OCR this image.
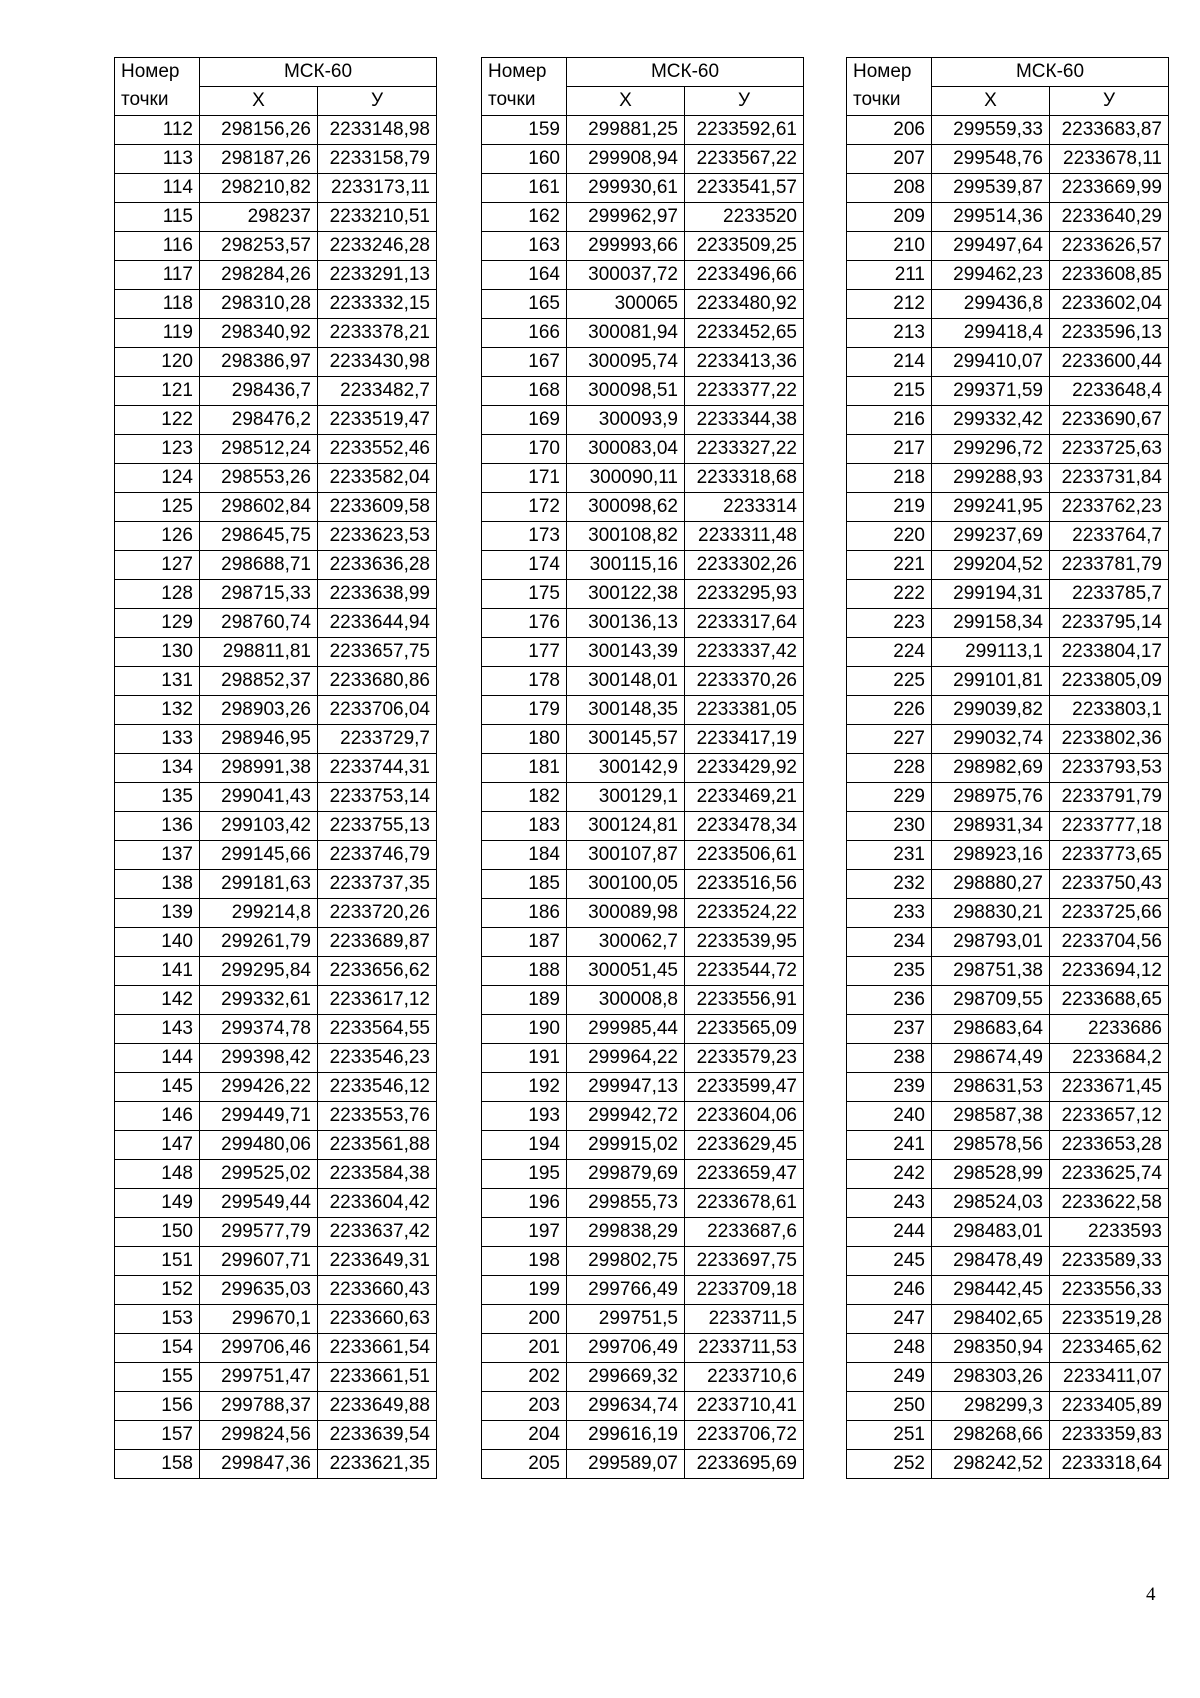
Номер точки	МСК-60	
	Х	У
112	298156,26	2233148,98
113	298187,26	2233158,79
114	298210,82	2233173,11
115	298237	2233210,51
116	298253,57	2233246,28
117	298284,26	2233291,13
118	298310,28	2233332,15
119	298340,92	2233378,21
120	298386,97	2233430,98
121	298436,7	2233482,7
122	298476,2	2233519,47
123	298512,24	2233552,46
124	298553,26	2233582,04
125	298602,84	2233609,58
126	298645,75	2233623,53
127	298688,71	2233636,28
128	298715,33	2233638,99
129	298760,74	2233644,94
130	298811,81	2233657,75
131	298852,37	2233680,86
132	298903,26	2233706,04
133	298946,95	2233729,7
134	298991,38	2233744,31
135	299041,43	2233753,14
136	299103,42	2233755,13
137	299145,66	2233746,79
138	299181,63	2233737,35
139	299214,8	2233720,26
140	299261,79	2233689,87
141	299295,84	2233656,62
142	299332,61	2233617,12
143	299374,78	2233564,55
144	299398,42	2233546,23
145	299426,22	2233546,12
146	299449,71	2233553,76
147	299480,06	2233561,88
148	299525,02	2233584,38
149	299549,44	2233604,42
150	299577,79	2233637,42
151	299607,71	2233649,31
152	299635,03	2233660,43
153	299670,1	2233660,63
154	299706,46	2233661,54
155	299751,47	2233661,51
156	299788,37	2233649,88
157	299824,56	2233639,54
158	299847,36	2233621,35
Номер точки	МСК-60	
	Х	У
159	299881,25	2233592,61
160	299908,94	2233567,22
161	299930,61	2233541,57
162	299962,97	2233520
163	299993,66	2233509,25
164	300037,72	2233496,66
165	300065	2233480,92
166	300081,94	2233452,65
167	300095,74	2233413,36
168	300098,51	2233377,22
169	300093,9	2233344,38
170	300083,04	2233327,22
171	300090,11	2233318,68
172	300098,62	2233314
173	300108,82	2233311,48
174	300115,16	2233302,26
175	300122,38	2233295,93
176	300136,13	2233317,64
177	300143,39	2233337,42
178	300148,01	2233370,26
179	300148,35	2233381,05
180	300145,57	2233417,19
181	300142,9	2233429,92
182	300129,1	2233469,21
183	300124,81	2233478,34
184	300107,87	2233506,61
185	300100,05	2233516,56
186	300089,98	2233524,22
187	300062,7	2233539,95
188	300051,45	2233544,72
189	300008,8	2233556,91
190	299985,44	2233565,09
191	299964,22	2233579,23
192	299947,13	2233599,47
193	299942,72	2233604,06
194	299915,02	2233629,45
195	299879,69	2233659,47
196	299855,73	2233678,61
197	299838,29	2233687,6
198	299802,75	2233697,75
199	299766,49	2233709,18
200	299751,5	2233711,5
201	299706,49	2233711,53
202	299669,32	2233710,6
203	299634,74	2233710,41
204	299616,19	2233706,72
205	299589,07	2233695,69
Номер точки	МСК-60	
	Х	У
206	299559,33	2233683,87
207	299548,76	2233678,11
208	299539,87	2233669,99
209	299514,36	2233640,29
210	299497,64	2233626,57
211	299462,23	2233608,85
212	299436,8	2233602,04
213	299418,4	2233596,13
214	299410,07	2233600,44
215	299371,59	2233648,4
216	299332,42	2233690,67
217	299296,72	2233725,63
218	299288,93	2233731,84
219	299241,95	2233762,23
220	299237,69	2233764,7
221	299204,52	2233781,79
222	299194,31	2233785,7
223	299158,34	2233795,14
224	299113,1	2233804,17
225	299101,81	2233805,09
226	299039,82	2233803,1
227	299032,74	2233802,36
228	298982,69	2233793,53
229	298975,76	2233791,79
230	298931,34	2233777,18
231	298923,16	2233773,65
232	298880,27	2233750,43
233	298830,21	2233725,66
234	298793,01	2233704,56
235	298751,38	2233694,12
236	298709,55	2233688,65
237	298683,64	2233686
238	298674,49	2233684,2
239	298631,53	2233671,45
240	298587,38	2233657,12
241	298578,56	2233653,28
242	298528,99	2233625,74
243	298524,03	2233622,58
244	298483,01	2233593
245	298478,49	2233589,33
246	298442,45	2233556,33
247	298402,65	2233519,28
248	298350,94	2233465,62
249	298303,26	2233411,07
250	298299,3	2233405,89
251	298268,66	2233359,83
252	298242,52	2233318,64
4
